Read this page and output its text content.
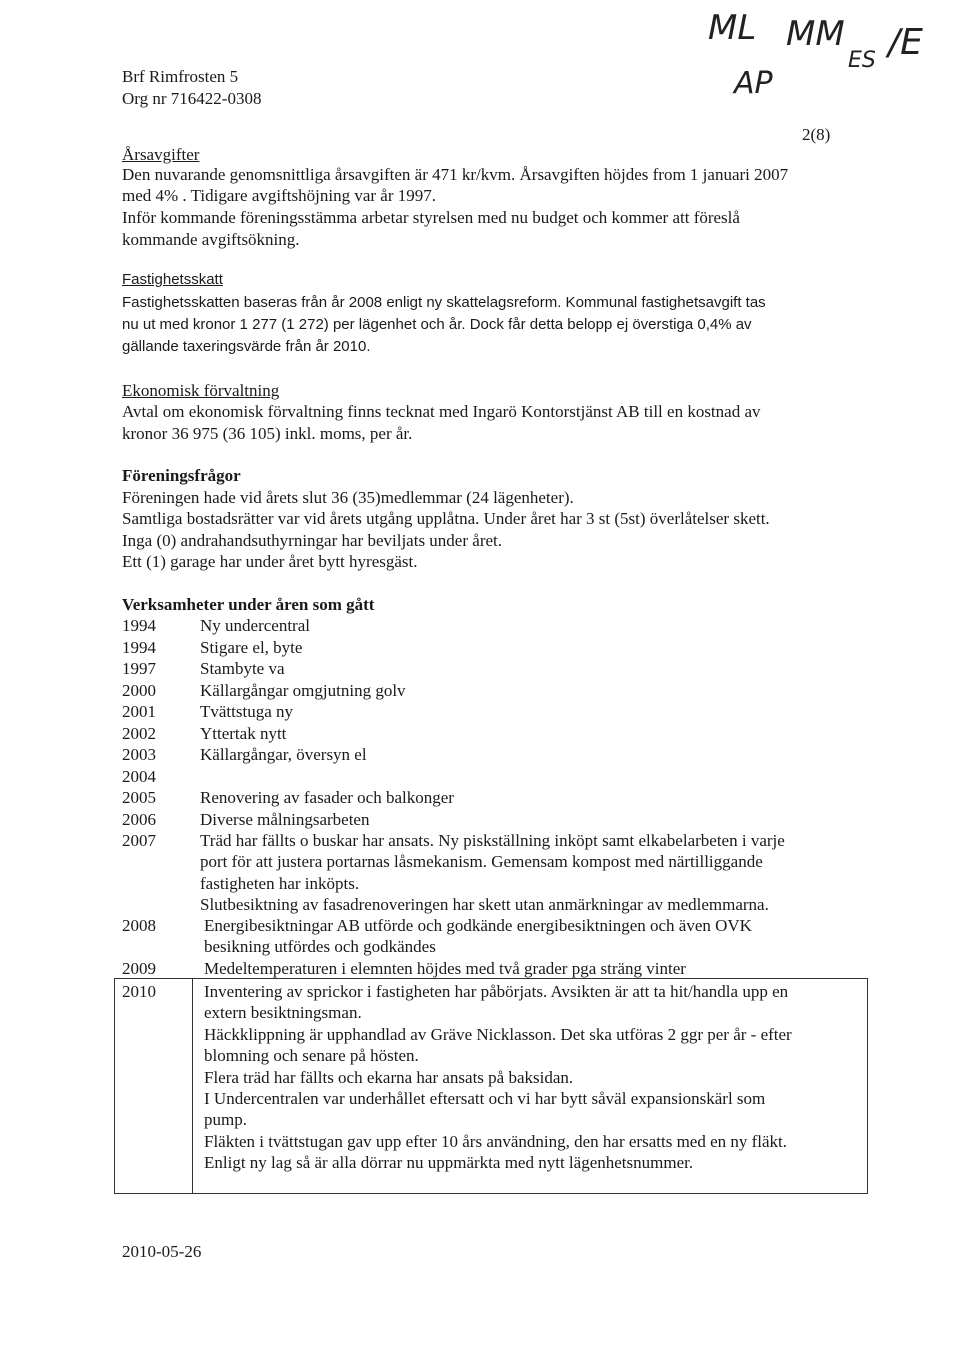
Brf Rimfrosten 5
Org nr 716422-0308
2(8)
ML MM
ES /E
AP
Årsavgifter
Den nuvarande genomsnittliga årsavgiften är 471 kr/kvm. Årsavgiften höjdes from 1 januari 2007
med 4% . Tidigare avgiftshöjning var år 1997.
Inför kommande föreningsstämma arbetar styrelsen med nu budget och kommer att föreslå
kommande avgiftsökning.
Fastighetsskatt
Fastighetsskatten baseras från år 2008 enligt ny skattelagsreform. Kommunal fastighetsavgift tas
nu ut med kronor 1 277 (1 272) per lägenhet och år. Dock får detta belopp ej överstiga 0,4% av
gällande taxeringsvärde från år 2010.
Ekonomisk förvaltning
Avtal om ekonomisk förvaltning finns tecknat med Ingarö Kontorstjänst AB till en kostnad av
kronor 36 975 (36 105) inkl. moms, per år.
Föreningsfrågor
Föreningen hade vid årets slut 36 (35)medlemmar (24 lägenheter).
Samtliga bostadsrätter var vid årets utgång upplåtna. Under året har 3 st (5st) överlåtelser skett.
Inga (0) andrahandsuthyrningar har beviljats under året.
Ett (1) garage har under året bytt hyresgäst.
Verksamheter under åren som gått
1994	Ny undercentral

1994	Stigare el, byte

1997	Stambyte va

2000	Källargångar omgjutning golv

2001	Tvättstuga ny

2002	Yttertak nytt

2003	Källargångar, översyn el

2004

2005	Renovering av fasader och balkonger

2006	Diverse målningsarbeten

2007	Träd har fällts o buskar har ansats. Ny piskställning inköpt samt elkabelarbeten i varje

port för att justera portarnas låsmekanism. Gemensam kompost med närtilliggande

fastigheten har inköpts.

Slutbesiktning av fasadrenoveringen har skett utan anmärkningar av medlemmarna.

2008	Energibesiktningar AB utförde och godkände energibesiktningen och även OVK

besikning utfördes och godkändes

2009	Medeltemperaturen i elemnten höjdes med två grader pga sträng vinter

2010	Inventering av sprickor i fastigheten har påbörjats. Avsikten är att ta hit/handla upp en

extern besiktningsman.

Häckklippning är upphandlad av Gräve Nicklasson. Det ska utföras 2 ggr per år - efter

blomning och senare på hösten.

Flera träd har fällts och ekarna har ansats på baksidan.

I Undercentralen var underhållet eftersatt och vi har bytt såväl expansionskärl som

pump.

Fläkten i tvättstugan gav upp efter 10 års användning, den har ersatts med en ny fläkt.

Enligt ny lag så är alla dörrar nu uppmärkta med nytt lägenhetsnummer.

2010-05-26
